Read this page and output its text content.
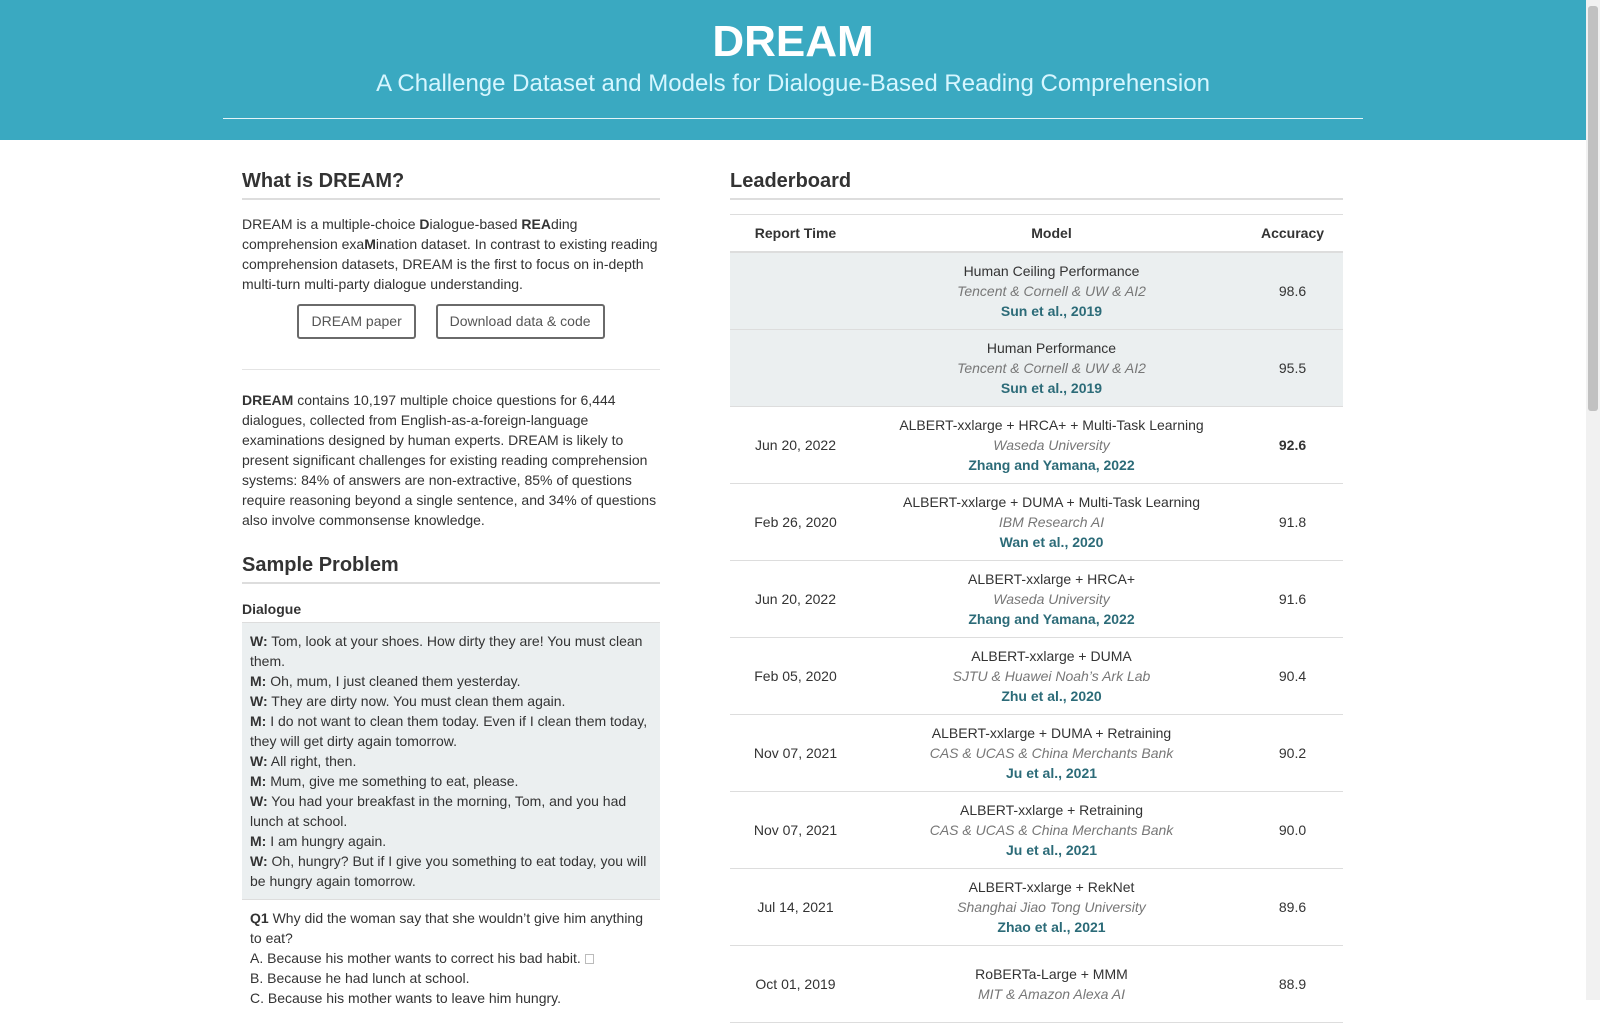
DREAM
A Challenge Dataset and Models for Dialogue-Based Reading Comprehension
What is DREAM?

DREAM is a multiple-choice Dialogue-based REAding comprehension exaMination dataset. In contrast to existing reading comprehension datasets, DREAM is the first to focus on in-depth multi-turn multi-party dialogue understanding.

DREAM paper	Download data & code

DREAM contains 10,197 multiple choice questions for 6,444 dialogues, collected from English-as-a-foreign-language examinations designed by human experts. DREAM is likely to present significant challenges for existing reading comprehension systems: 84% of answers are non-extractive, 85% of questions require reasoning beyond a single sentence, and 34% of questions also involve commonsense knowledge.

Sample Problem
Dialogue
W: Tom, look at your shoes. How dirty they are! You must clean them.
M: Oh, mum, I just cleaned them yesterday.
W: They are dirty now. You must clean them again.
M: I do not want to clean them today. Even if I clean them today, they will get dirty again tomorrow.
W: All right, then.
M: Mum, give me something to eat, please.
W: You had your breakfast in the morning, Tom, and you had lunch at school.
M: I am hungry again.
W: Oh, hungry? But if I give you something to eat today, you will be hungry again tomorrow.
Q1 Why did the woman say that she wouldn’t give him anything to eat?
A. Because his mother wants to correct his bad habit.
B. Because he had lunch at school.
C. Because his mother wants to leave him hungry.
Leaderboard
Report Time	Model	Accuracy

	Human Ceiling Performance
Tencent & Cornell & UW & AI2
Sun et al., 2019	98.6

	Human Performance
Tencent & Cornell & UW & AI2
Sun et al., 2019	95.5
Jun 20, 2022	ALBERT-xxlarge + HRCA+ + Multi-Task Learning
Waseda University
Zhang and Yamana, 2022	92.6
Feb 26, 2020	ALBERT-xxlarge + DUMA + Multi-Task Learning
IBM Research AI
Wan et al., 2020	91.8
Jun 20, 2022	ALBERT-xxlarge + HRCA+
Waseda University
Zhang and Yamana, 2022	91.6
Feb 05, 2020	ALBERT-xxlarge + DUMA
SJTU & Huawei Noah’s Ark Lab
Zhu et al., 2020	90.4
Nov 07, 2021	ALBERT-xxlarge + DUMA + Retraining
CAS & UCAS & China Merchants Bank
Ju et al., 2021	90.2
Nov 07, 2021	ALBERT-xxlarge + Retraining
CAS & UCAS & China Merchants Bank
Ju et al., 2021	90.0
Jul 14, 2021	ALBERT-xxlarge + RekNet
Shanghai Jiao Tong University
Zhao et al., 2021	89.6
Oct 01, 2019	RoBERTa-Large + MMM
MIT & Amazon Alexa AI	88.9
